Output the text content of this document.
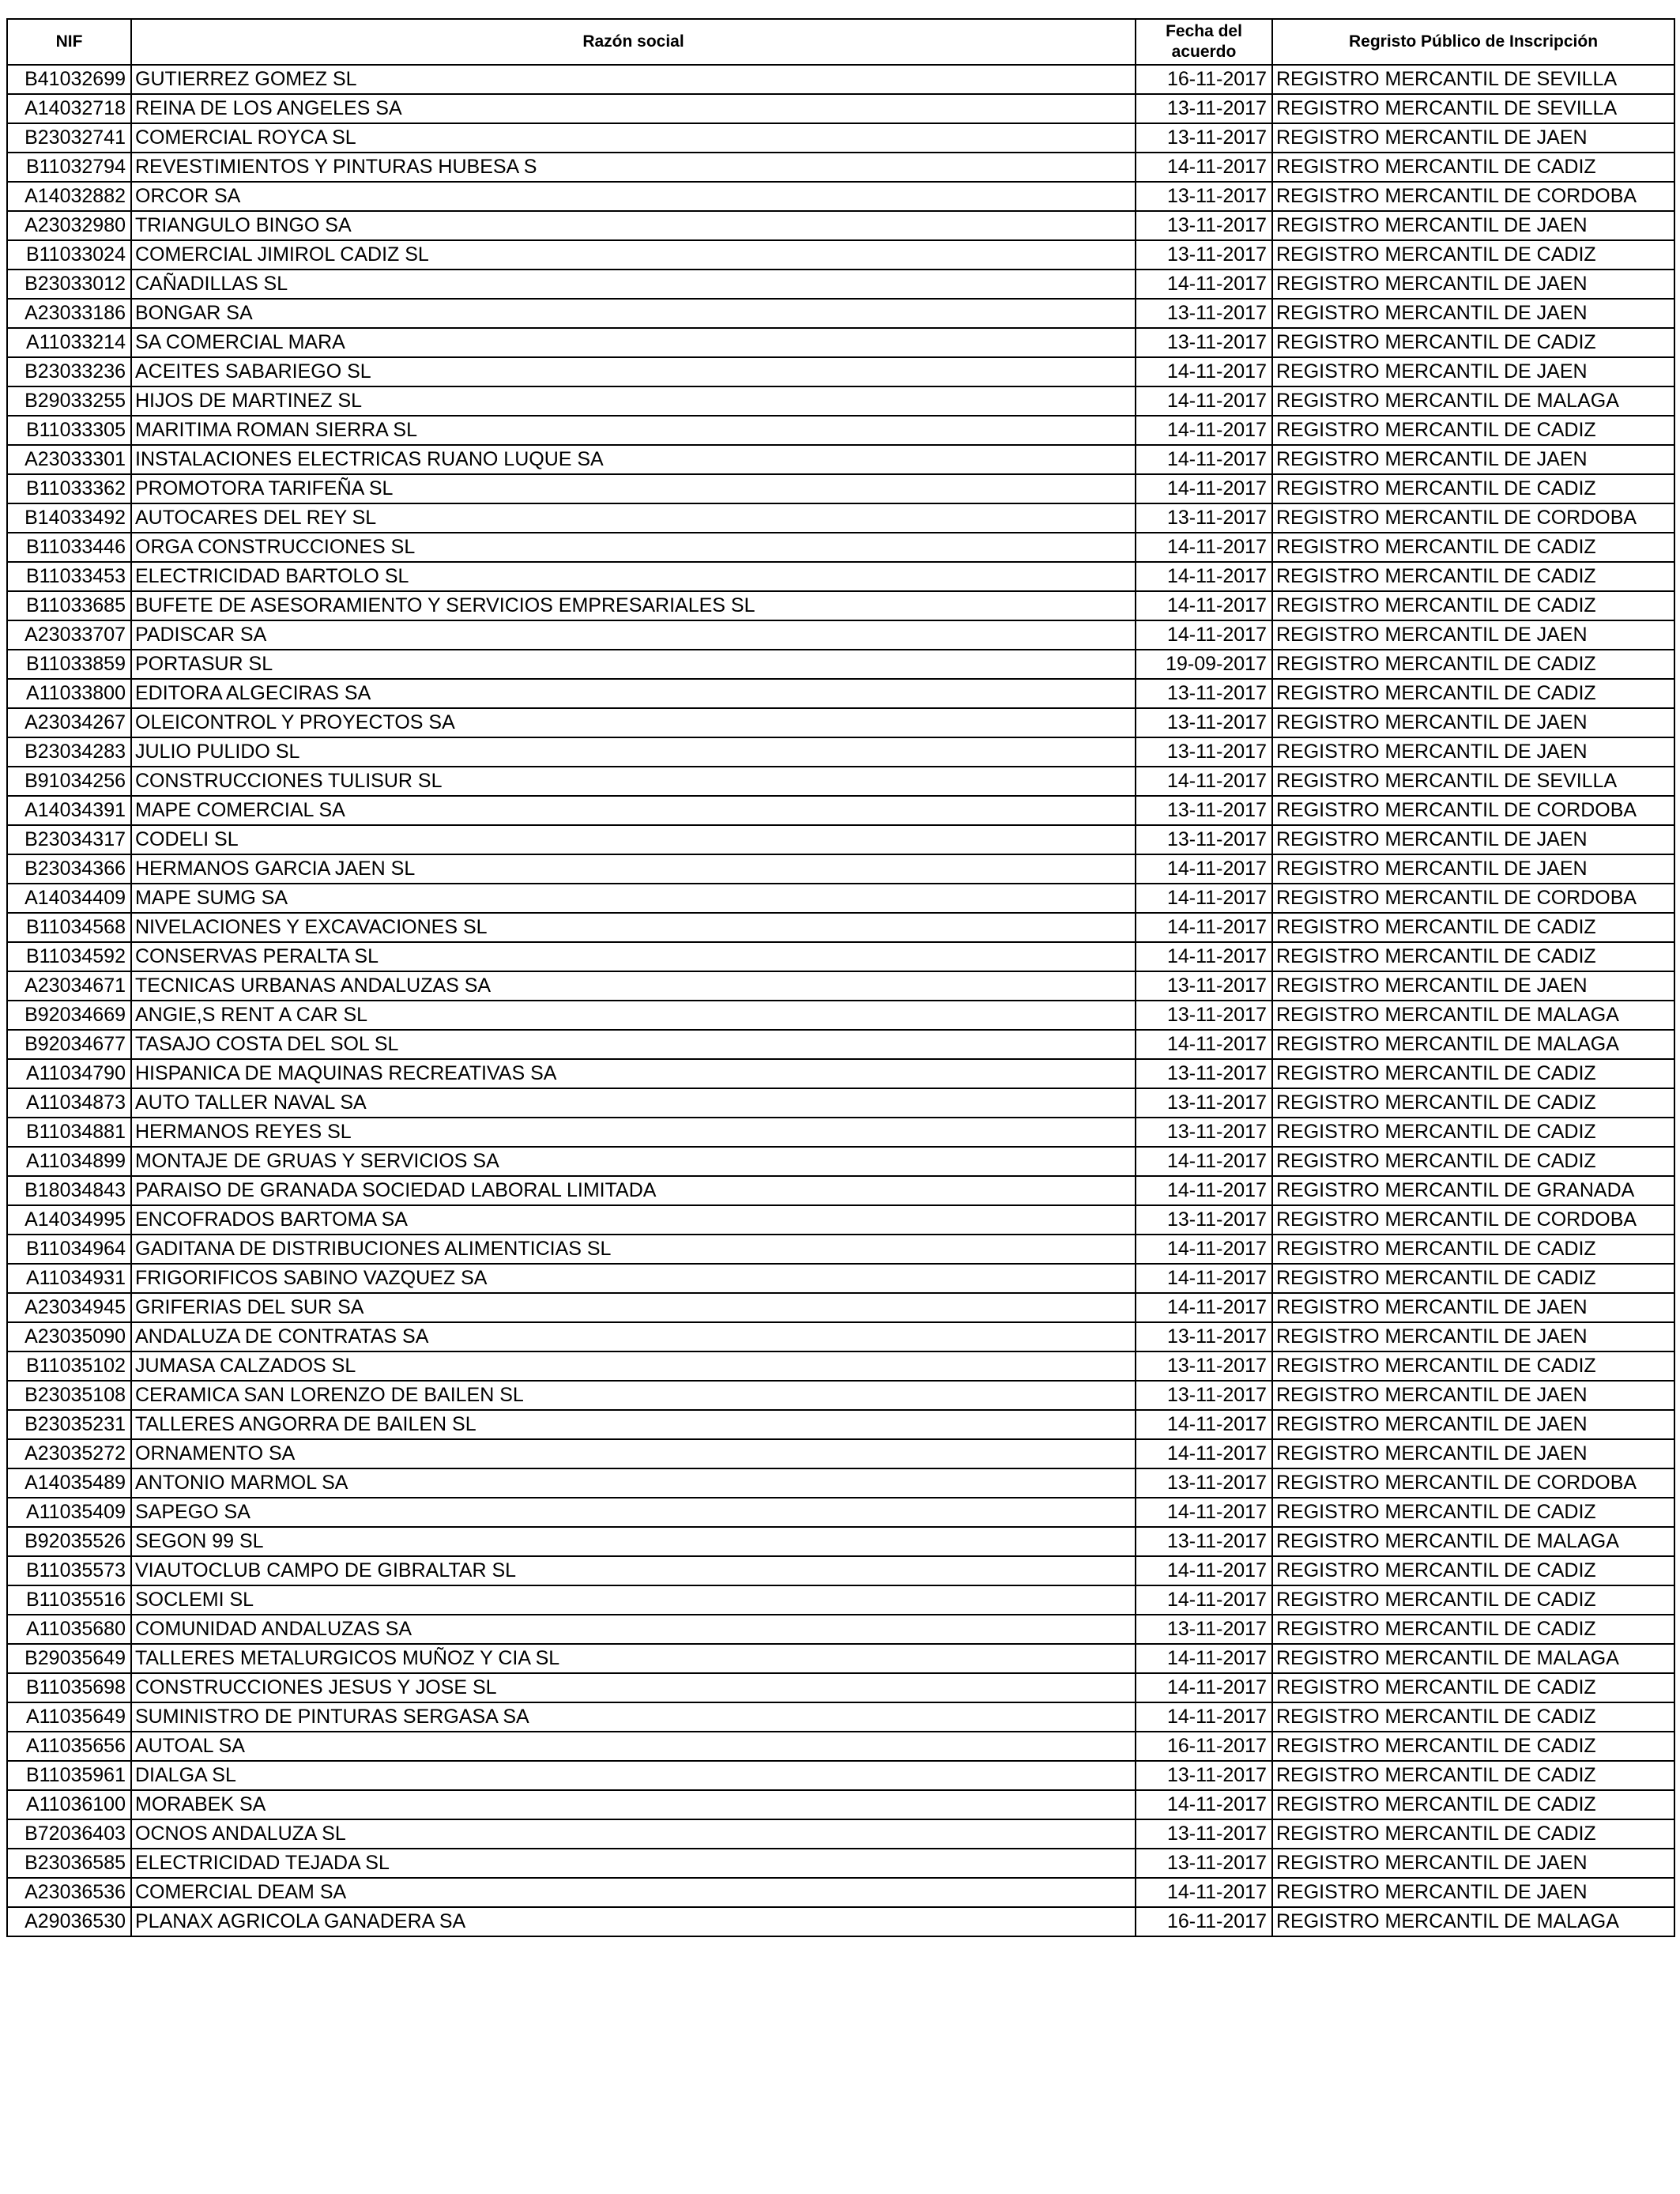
NIF	Razón social	Fecha del acuerdo	Regristo Público de Inscripción
B41032699	GUTIERREZ GOMEZ SL	16-11-2017	REGISTRO MERCANTIL DE SEVILLA
A14032718	REINA DE LOS ANGELES SA	13-11-2017	REGISTRO MERCANTIL DE SEVILLA
B23032741	COMERCIAL ROYCA SL	13-11-2017	REGISTRO MERCANTIL DE JAEN
B11032794	REVESTIMIENTOS Y PINTURAS HUBESA S	14-11-2017	REGISTRO MERCANTIL DE CADIZ
A14032882	ORCOR SA	13-11-2017	REGISTRO MERCANTIL DE CORDOBA
A23032980	TRIANGULO BINGO SA	13-11-2017	REGISTRO MERCANTIL DE JAEN
B11033024	COMERCIAL JIMIROL CADIZ SL	13-11-2017	REGISTRO MERCANTIL DE CADIZ
B23033012	CAÑADILLAS SL	14-11-2017	REGISTRO MERCANTIL DE JAEN
A23033186	BONGAR SA	13-11-2017	REGISTRO MERCANTIL DE JAEN
A11033214	SA COMERCIAL MARA	13-11-2017	REGISTRO MERCANTIL DE CADIZ
B23033236	ACEITES SABARIEGO SL	14-11-2017	REGISTRO MERCANTIL DE JAEN
B29033255	HIJOS DE MARTINEZ SL	14-11-2017	REGISTRO MERCANTIL DE MALAGA
B11033305	MARITIMA ROMAN SIERRA SL	14-11-2017	REGISTRO MERCANTIL DE CADIZ
A23033301	INSTALACIONES ELECTRICAS RUANO LUQUE SA	14-11-2017	REGISTRO MERCANTIL DE JAEN
B11033362	PROMOTORA TARIFEÑA SL	14-11-2017	REGISTRO MERCANTIL DE CADIZ
B14033492	AUTOCARES DEL REY SL	13-11-2017	REGISTRO MERCANTIL DE CORDOBA
B11033446	ORGA CONSTRUCCIONES SL	14-11-2017	REGISTRO MERCANTIL DE CADIZ
B11033453	ELECTRICIDAD BARTOLO SL	14-11-2017	REGISTRO MERCANTIL DE CADIZ
B11033685	BUFETE DE ASESORAMIENTO Y SERVICIOS EMPRESARIALES SL	14-11-2017	REGISTRO MERCANTIL DE CADIZ
A23033707	PADISCAR SA	14-11-2017	REGISTRO MERCANTIL DE JAEN
B11033859	PORTASUR SL	19-09-2017	REGISTRO MERCANTIL DE CADIZ
A11033800	EDITORA ALGECIRAS SA	13-11-2017	REGISTRO MERCANTIL DE CADIZ
A23034267	OLEICONTROL Y PROYECTOS SA	13-11-2017	REGISTRO MERCANTIL DE JAEN
B23034283	JULIO PULIDO SL	13-11-2017	REGISTRO MERCANTIL DE JAEN
B91034256	CONSTRUCCIONES TULISUR SL	14-11-2017	REGISTRO MERCANTIL DE SEVILLA
A14034391	MAPE COMERCIAL SA	13-11-2017	REGISTRO MERCANTIL DE CORDOBA
B23034317	CODELI SL	13-11-2017	REGISTRO MERCANTIL DE JAEN
B23034366	HERMANOS GARCIA JAEN SL	14-11-2017	REGISTRO MERCANTIL DE JAEN
A14034409	MAPE SUMG SA	14-11-2017	REGISTRO MERCANTIL DE CORDOBA
B11034568	NIVELACIONES Y EXCAVACIONES SL	14-11-2017	REGISTRO MERCANTIL DE CADIZ
B11034592	CONSERVAS PERALTA SL	14-11-2017	REGISTRO MERCANTIL DE CADIZ
A23034671	TECNICAS URBANAS ANDALUZAS SA	13-11-2017	REGISTRO MERCANTIL DE JAEN
B92034669	ANGIE,S RENT A CAR SL	13-11-2017	REGISTRO MERCANTIL DE MALAGA
B92034677	TASAJO COSTA DEL SOL SL	14-11-2017	REGISTRO MERCANTIL DE MALAGA
A11034790	HISPANICA DE MAQUINAS RECREATIVAS SA	13-11-2017	REGISTRO MERCANTIL DE CADIZ
A11034873	AUTO TALLER NAVAL SA	13-11-2017	REGISTRO MERCANTIL DE CADIZ
B11034881	HERMANOS REYES SL	13-11-2017	REGISTRO MERCANTIL DE CADIZ
A11034899	MONTAJE DE GRUAS Y SERVICIOS SA	14-11-2017	REGISTRO MERCANTIL DE CADIZ
B18034843	PARAISO DE GRANADA SOCIEDAD LABORAL LIMITADA	14-11-2017	REGISTRO MERCANTIL DE GRANADA
A14034995	ENCOFRADOS BARTOMA SA	13-11-2017	REGISTRO MERCANTIL DE CORDOBA
B11034964	GADITANA DE DISTRIBUCIONES ALIMENTICIAS SL	14-11-2017	REGISTRO MERCANTIL DE CADIZ
A11034931	FRIGORIFICOS SABINO VAZQUEZ SA	14-11-2017	REGISTRO MERCANTIL DE CADIZ
A23034945	GRIFERIAS DEL SUR SA	14-11-2017	REGISTRO MERCANTIL DE JAEN
A23035090	ANDALUZA DE CONTRATAS SA	13-11-2017	REGISTRO MERCANTIL DE JAEN
B11035102	JUMASA CALZADOS SL	13-11-2017	REGISTRO MERCANTIL DE CADIZ
B23035108	CERAMICA SAN LORENZO DE BAILEN SL	13-11-2017	REGISTRO MERCANTIL DE JAEN
B23035231	TALLERES ANGORRA DE BAILEN SL	14-11-2017	REGISTRO MERCANTIL DE JAEN
A23035272	ORNAMENTO SA	14-11-2017	REGISTRO MERCANTIL DE JAEN
A14035489	ANTONIO MARMOL SA	13-11-2017	REGISTRO MERCANTIL DE CORDOBA
A11035409	SAPEGO SA	14-11-2017	REGISTRO MERCANTIL DE CADIZ
B92035526	SEGON 99 SL	13-11-2017	REGISTRO MERCANTIL DE MALAGA
B11035573	VIAUTOCLUB CAMPO DE GIBRALTAR SL	14-11-2017	REGISTRO MERCANTIL DE CADIZ
B11035516	SOCLEMI SL	14-11-2017	REGISTRO MERCANTIL DE CADIZ
A11035680	COMUNIDAD ANDALUZAS SA	13-11-2017	REGISTRO MERCANTIL DE CADIZ
B29035649	TALLERES METALURGICOS MUÑOZ Y CIA SL	14-11-2017	REGISTRO MERCANTIL DE MALAGA
B11035698	CONSTRUCCIONES JESUS Y JOSE SL	14-11-2017	REGISTRO MERCANTIL DE CADIZ
A11035649	SUMINISTRO DE PINTURAS SERGASA SA	14-11-2017	REGISTRO MERCANTIL DE CADIZ
A11035656	AUTOAL SA	16-11-2017	REGISTRO MERCANTIL DE CADIZ
B11035961	DIALGA SL	13-11-2017	REGISTRO MERCANTIL DE CADIZ
A11036100	MORABEK SA	14-11-2017	REGISTRO MERCANTIL DE CADIZ
B72036403	OCNOS ANDALUZA SL	13-11-2017	REGISTRO MERCANTIL DE CADIZ
B23036585	ELECTRICIDAD TEJADA SL	13-11-2017	REGISTRO MERCANTIL DE JAEN
A23036536	COMERCIAL DEAM SA	14-11-2017	REGISTRO MERCANTIL DE JAEN
A29036530	PLANAX AGRICOLA GANADERA SA	16-11-2017	REGISTRO MERCANTIL DE MALAGA
